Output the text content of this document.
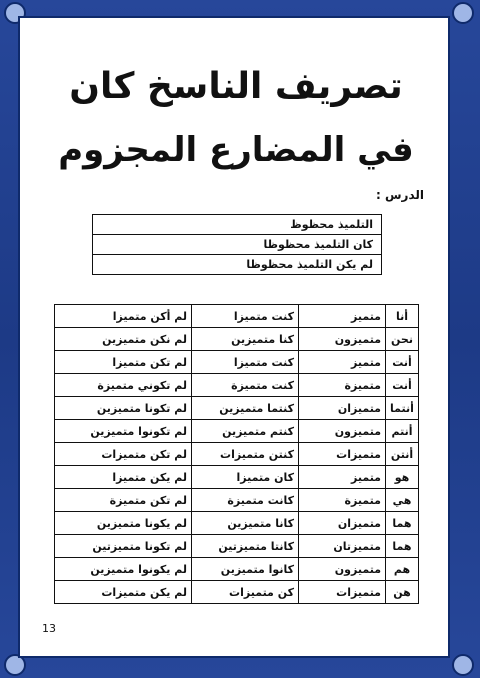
تصريف الناسخ كان
في المضارع المجزوم
الدرس :
التلميذ محظوظ
كان التلميذ محظوظا
لم يكن التلميذ محظوظا
أنا	متميز	كنت متميزا	لم أكن متميزا
نحن	متميزون	كنا متميزين	لم نكن متميزين
أنت	متميز	كنت متميزا	لم تكن متميزا
أنت	متميزة	كنت متميزة	لم تكوني متميزة
أنتما	متميزان	كنتما متميزين	لم تكونا متميزين
أنتم	متميزون	كنتم متميزين	لم تكونوا متميزين
أنتن	متميزات	كنتن متميزات	لم تكن متميزات
هو	متميز	كان متميزا	لم يكن متميزا
هي	متميزة	كانت متميزة	لم تكن متميزة
هما	متميزان	كانا متميزين	لم يكونا متميزين
هما	متميزتان	كانتا متميزتين	لم تكونا متميزتين
هم	متميزون	كانوا متميزين	لم يكونوا متميزين
هن	متميزات	كن متميزات	لم يكن متميزات
13
